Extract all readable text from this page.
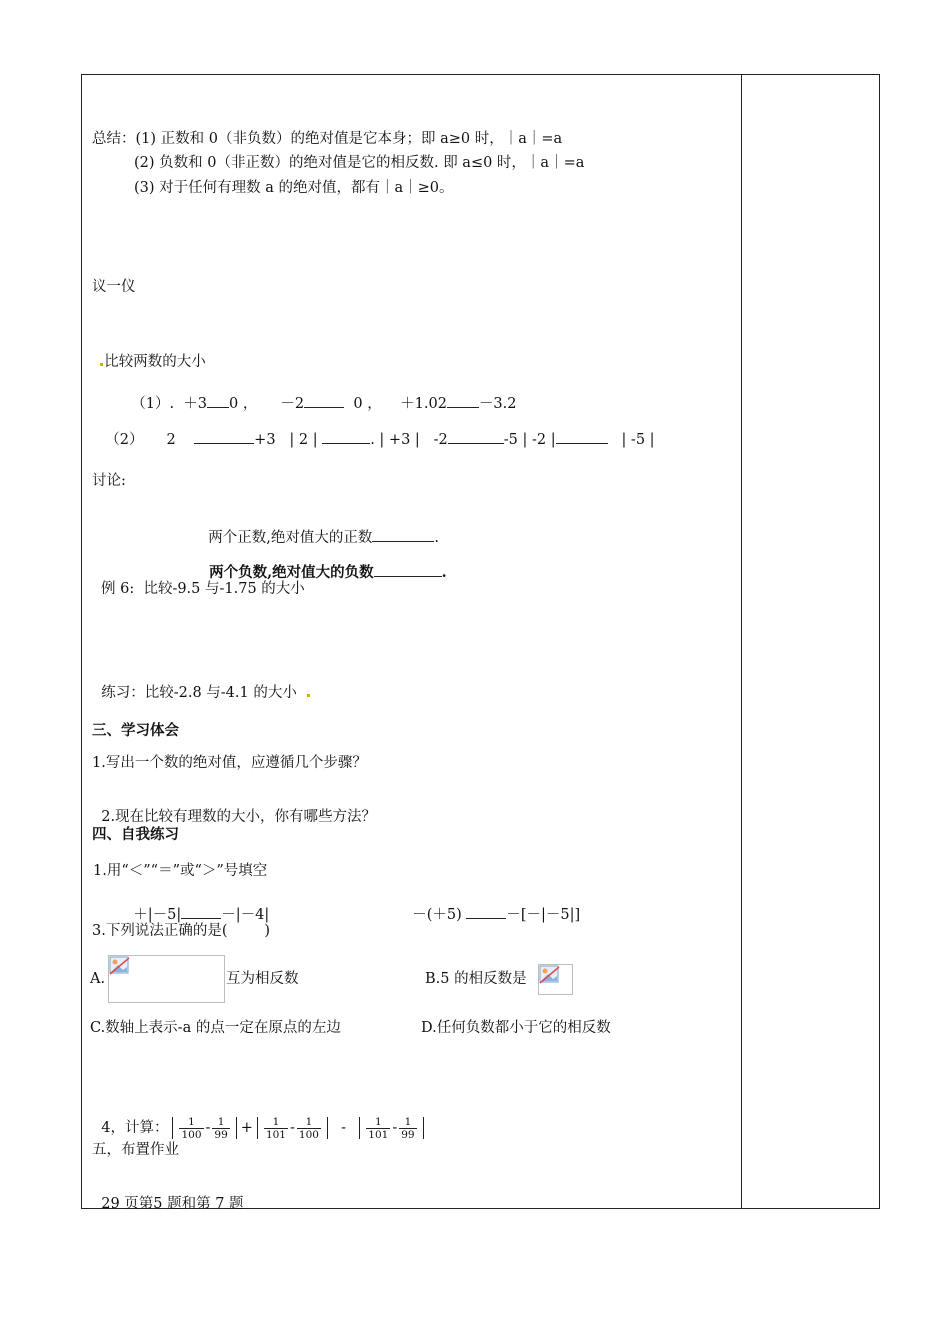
总结：(1) 正数和 0（非负数）的绝对值是它本身；即 a≥0 时，｜a｜=a
(2) 负数和 0（非正数）的绝对值是它的相反数. 即 a≤0 时，｜a｜=a
(3) 对于任何有理数 a 的绝对值，都有｜a｜≥0。
议一仪

比较两数的大小

（1）. ＋3 0 ， －2	0 ， ＋1.02 －3.2

（2） 2	+3 | 2 |	. | +3 | -2	-5 | -2 |	| -5 |

讨论:

两个正数,绝对值大的正数	.

两个负数,绝对值大的负数	.

例 6:  比较-9.5 与-1.75 的大小

练习：比较-2.8 与-4.1 的大小

三、学习体会
1.写出一个数的绝对值，应遵循几个步骤？

2.现在比较有理数的大小，你有哪些方法？

四、自我练习
1.用“＜”“＝”或“＞”号填空

＋|－5|	－|－4|	－(＋5)	－[－|－5|]

3.下列说法正确的是(        )
A.	互为相反数	B.5 的相反数是
C.数轴上表示-a 的点一定在原点的左边	D.任何负数都小于它的相反数

4，计算： $\frac{1}{100} - \frac{1}{99} + \frac{1}{101} - \frac{1}{100} - \frac{1}{101} - \frac{1}{99}$

五，布置作业

29 页第5 题和第 7 题
